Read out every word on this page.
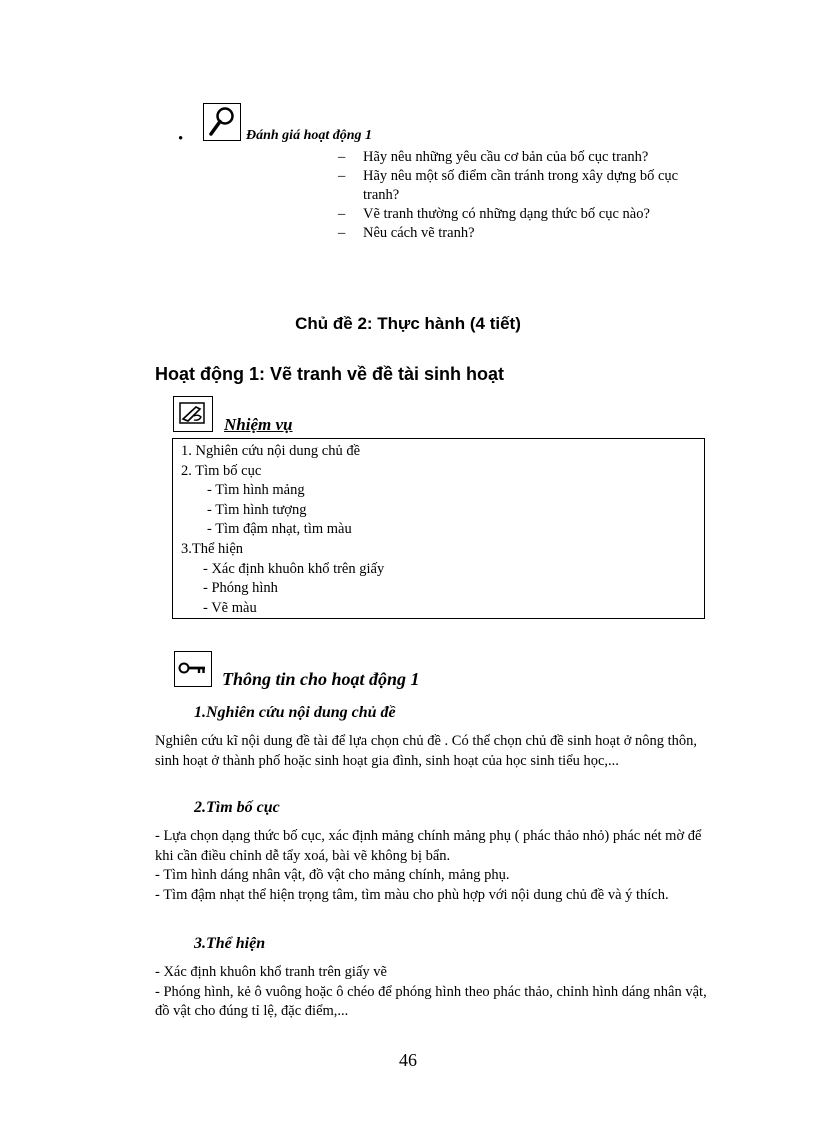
•	Đánh giá hoạt động 1
– Hãy nêu những yêu cầu cơ bản của bố cục tranh?
– Hãy nêu một số điểm cần tránh trong xây dựng bố cục tranh?
– Vẽ tranh thường có những dạng thức bố cục nào?
– Nêu cách vẽ tranh?
Chủ đề 2: Thực hành (4 tiết)
Hoạt động 1: Vẽ tranh về đề tài sinh hoạt
Nhiệm vụ
1. Nghiên cứu nội dung chủ đề
2. Tìm bố cục
- Tìm hình mảng
- Tìm hình tượng
- Tìm đậm nhạt, tìm màu
3.Thể hiện
- Xác định khuôn khổ trên giấy
- Phóng hình
- Vẽ màu
Thông tin cho hoạt động 1
1.Nghiên cứu nội dung chủ đề
Nghiên cứu kĩ nội dung đề tài để lựa chọn chủ đề . Có thể chọn chủ đề sinh hoạt ở nông thôn, sinh hoạt ở thành phố hoặc sinh hoạt gia đình, sinh hoạt của học sinh tiểu học,...
2.Tìm bố cục
- Lựa chọn dạng thức bố cục, xác định mảng chính mảng phụ ( phác thảo nhỏ) phác nét mờ để khi cần điều chỉnh dễ tẩy xoá, bài vẽ không bị bẩn.
- Tìm hình dáng nhân vật, đồ vật cho mảng chính, mảng phụ.
- Tìm đậm nhạt thể hiện trọng tâm, tìm màu cho phù hợp với nội dung chủ đề và ý thích.
3.Thể hiện
- Xác định khuôn khổ tranh trên giấy vẽ
- Phóng hình, kẻ ô vuông hoặc ô chéo để phóng hình theo phác thảo, chỉnh hình dáng nhân vật, đồ vật cho đúng tỉ lệ, đặc điểm,...
46
